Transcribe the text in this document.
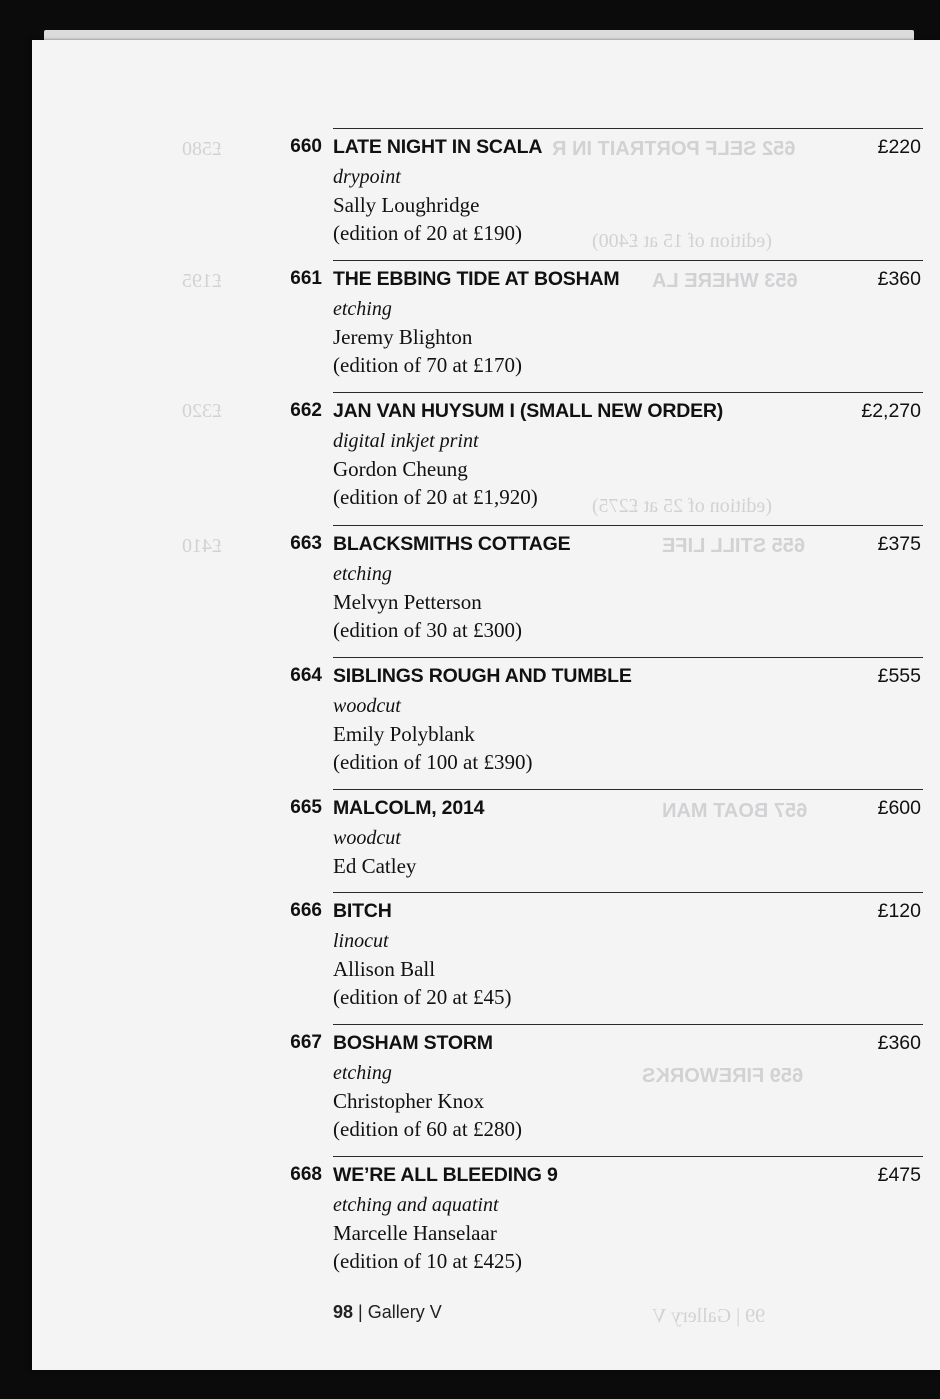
652 SELF PORTRAIT IN R
(edition of 15 at £400)
653 WHERE LA
(edition of 25 at £275)
655 STILL LIFE
657 BOAT MAN
659 FIREWORKS
£580
£195
£320
£410
99 | Gallery V
660 LATE NIGHT IN SCALA	£220
drypoint
Sally Loughridge
(edition of 20 at £190)
661 THE EBBING TIDE AT BOSHAM	£360
etching
Jeremy Blighton
(edition of 70 at £170)
662 JAN VAN HUYSUM I (SMALL NEW ORDER)	£2,270
digital inkjet print
Gordon Cheung
(edition of 20 at £1,920)
663 BLACKSMITHS COTTAGE	£375
etching
Melvyn Petterson
(edition of 30 at £300)
664 SIBLINGS ROUGH AND TUMBLE	£555
woodcut
Emily Polyblank
(edition of 100 at £390)
665 MALCOLM, 2014	£600
woodcut
Ed Catley
666 BITCH	£120
linocut
Allison Ball
(edition of 20 at £45)
667 BOSHAM STORM	£360
etching
Christopher Knox
(edition of 60 at £280)
668 WE’RE ALL BLEEDING 9	£475
etching and aquatint
Marcelle Hanselaar
(edition of 10 at £425)
98 | Gallery V
